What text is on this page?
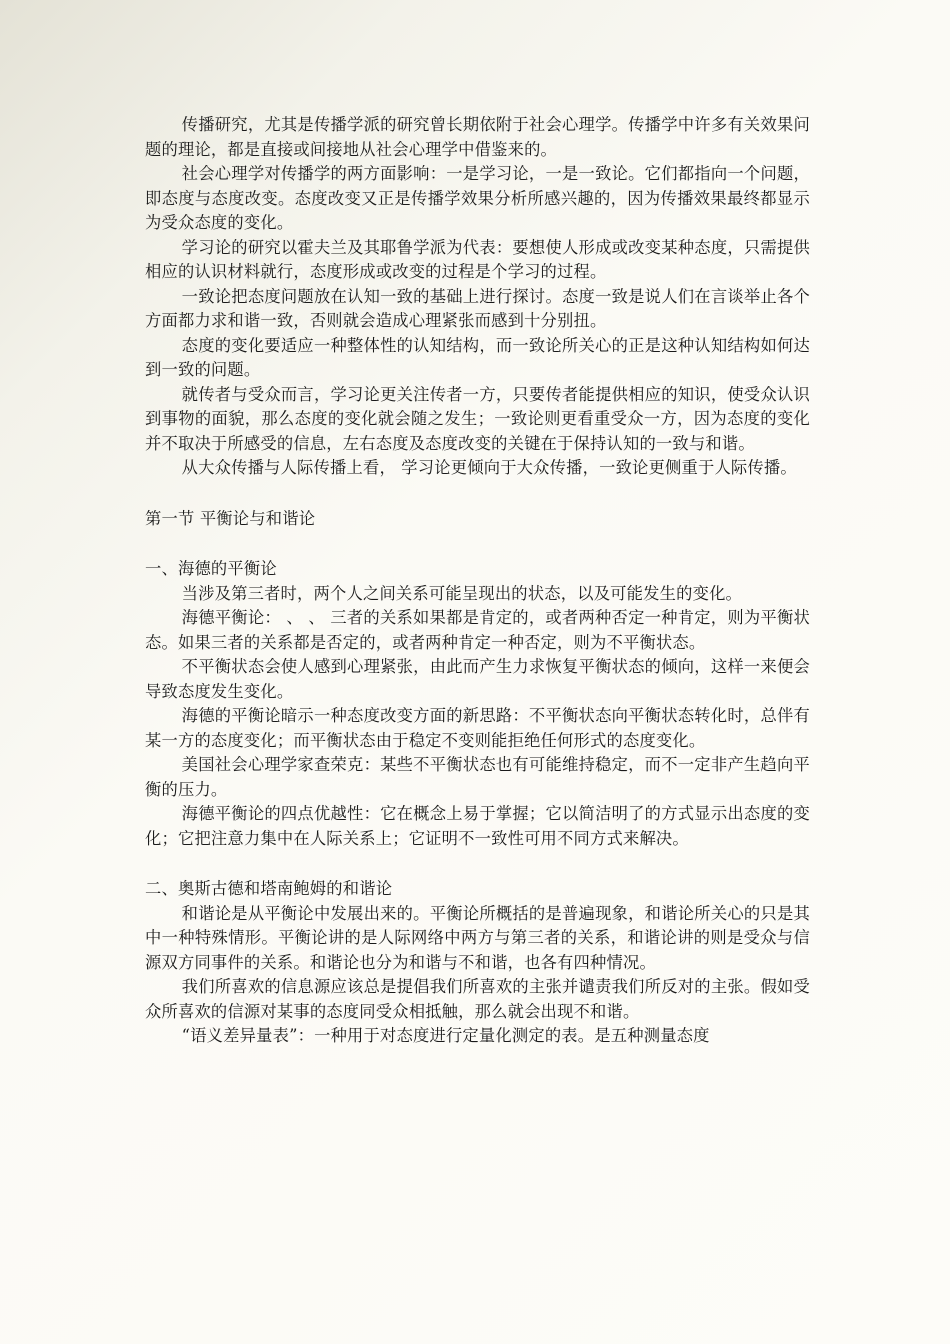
传播研究，尤其是传播学派的研究曾长期依附于社会心理学。传播学中许多有关效果问题的理论，都是直接或间接地从社会心理学中借鉴来的。

社会心理学对传播学的两方面影响：一是学习论，一是一致论。它们都指向一个问题，即态度与态度改变。态度改变又正是传播学效果分析所感兴趣的，因为传播效果最终都显示为受众态度的变化。

学习论的研究以霍夫兰及其耶鲁学派为代表：要想使人形成或改变某种态度，只需提供相应的认识材料就行，态度形成或改变的过程是个学习的过程。

一致论把态度问题放在认知一致的基础上进行探讨。态度一致是说人们在言谈举止各个方面都力求和谐一致，否则就会造成心理紧张而感到十分别扭。

态度的变化要适应一种整体性的认知结构，而一致论所关心的正是这种认知结构如何达到一致的问题。

就传者与受众而言，学习论更关注传者一方，只要传者能提供相应的知识，使受众认识到事物的面貌，那么态度的变化就会随之发生；一致论则更看重受众一方，因为态度的变化并不取决于所感受的信息，左右态度及态度改变的关键在于保持认知的一致与和谐。

从大众传播与人际传播上看， 学习论更倾向于大众传播，一致论更侧重于人际传播。

第一节 平衡论与和谐论

一、海德的平衡论

当涉及第三者时，两个人之间关系可能呈现出的状态，以及可能发生的变化。

海德平衡论： 、 、 三者的关系如果都是肯定的，或者两种否定一种肯定，则为平衡状态。如果三者的关系都是否定的，或者两种肯定一种否定，则为不平衡状态。

不平衡状态会使人感到心理紧张，由此而产生力求恢复平衡状态的倾向，这样一来便会导致态度发生变化。

海德的平衡论暗示一种态度改变方面的新思路：不平衡状态向平衡状态转化时，总伴有某一方的态度变化；而平衡状态由于稳定不变则能拒绝任何形式的态度变化。

美国社会心理学家查荣克：某些不平衡状态也有可能维持稳定，而不一定非产生趋向平衡的压力。

海德平衡论的四点优越性：它在概念上易于掌握；它以简洁明了的方式显示出态度的变化；它把注意力集中在人际关系上；它证明不一致性可用不同方式来解决。

二、奥斯古德和塔南鲍姆的和谐论

和谐论是从平衡论中发展出来的。平衡论所概括的是普遍现象，和谐论所关心的只是其中一种特殊情形。平衡论讲的是人际网络中两方与第三者的关系，和谐论讲的则是受众与信源双方同事件的关系。和谐论也分为和谐与不和谐，也各有四种情况。

我们所喜欢的信息源应该总是提倡我们所喜欢的主张并谴责我们所反对的主张。假如受众所喜欢的信源对某事的态度同受众相抵触，那么就会出现不和谐。

“语义差异量表”：一种用于对态度进行定量化测定的表。是五种测量态度
